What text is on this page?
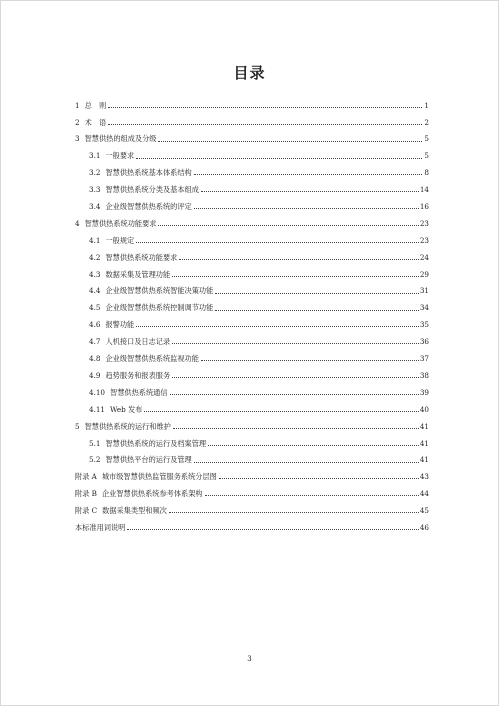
目录
1 总　则	1
2 术　语	2
3 智慧供热的组成及分级	5
3.1 一般要求	5
3.2 智慧供热系统基本体系结构	8
3.3 智慧供热系统分类及基本组成	14
3.4 企业级智慧供热系统的评定	16
4 智慧供热系统功能要求	23
4.1 一般规定	23
4.2 智慧供热系统功能要求	24
4.3 数据采集及管理功能	29
4.4 企业级智慧供热系统智能决策功能	31
4.5 企业级智慧供热系统控制调节功能	34
4.6 报警功能	35
4.7 人机接口及日志记录	36
4.8 企业级智慧供热系统监视功能	37
4.9 趋势服务和报表服务	38
4.10 智慧供热系统通信	39
4.11 Web 发布	40
5 智慧供热系统的运行和维护	41
5.1 智慧供热系统的运行及档案管理	41
5.2 智慧供热平台的运行及管理	41
附录 A 城市级智慧供热监管服务系统分层图	43
附录 B 企业智慧供热系统参考体系架构	44
附录 C 数据采集类型和频次	45
本标准用词说明	46
3
